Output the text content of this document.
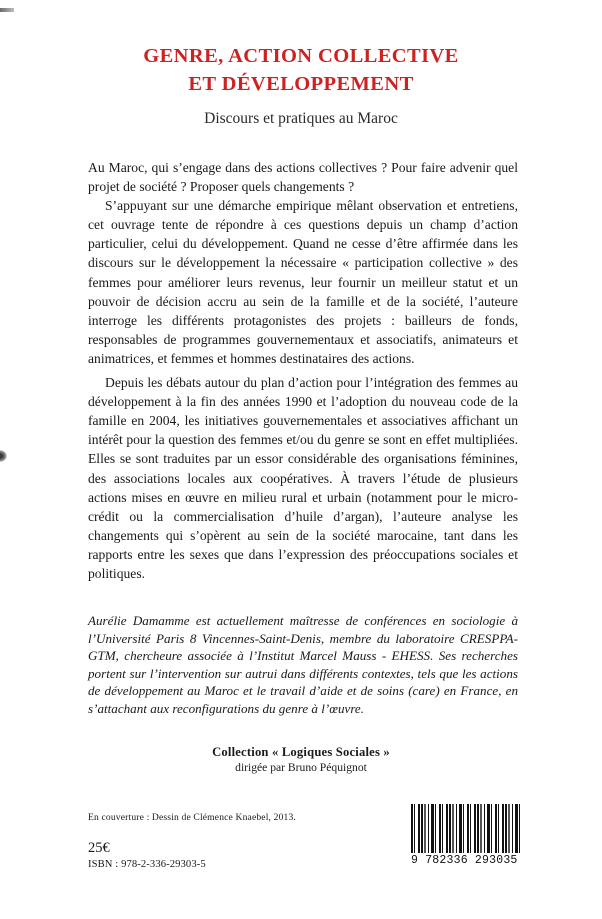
GENRE, ACTION COLLECTIVE
ET DÉVELOPPEMENT
Discours et pratiques au Maroc

Au Maroc, qui s’engage dans des actions collectives ? Pour faire advenir quel projet de société ? Proposer quels changements ?

S’appuyant sur une démarche empirique mêlant observation et entretiens, cet ouvrage tente de répondre à ces questions depuis un champ d’action particulier, celui du développement. Quand ne cesse d’être affirmée dans les discours sur le développement la nécessaire « participation collective » des femmes pour améliorer leurs revenus, leur fournir un meilleur statut et un pouvoir de décision accru au sein de la famille et de la société, l’auteure interroge les différents protagonistes des projets : bailleurs de fonds, responsables de programmes gouvernementaux et associatifs, animateurs et animatrices, et femmes et hommes destinataires des actions.

Depuis les débats autour du plan d’action pour l’intégration des femmes au développement à la fin des années 1990 et l’adoption du nouveau code de la famille en 2004, les initiatives gouvernementales et associatives affichant un intérêt pour la question des femmes et/ou du genre se sont en effet multipliées. Elles se sont traduites par un essor considérable des organisations féminines, des associations locales aux coopératives. À travers l’étude de plusieurs actions mises en œuvre en milieu rural et urbain (notamment pour le micro-crédit ou la commercialisation d’huile d’argan), l’auteure analyse les changements qui s’opèrent au sein de la société marocaine, tant dans les rapports entre les sexes que dans l’expression des préoccupations sociales et politiques.

Aurélie Damamme est actuellement maîtresse de conférences en sociologie à l’Université Paris 8 Vincennes-Saint-Denis, membre du laboratoire CRESPPA-GTM, chercheure associée à l’Institut Marcel Mauss - EHESS. Ses recherches portent sur l’intervention sur autrui dans différents contextes, tels que les actions de développement au Maroc et le travail d’aide et de soins (care) en France, en s’attachant aux reconfigurations du genre à l’œuvre.
Collection « Logiques Sociales »
dirigée par Bruno Péquignot
En couverture : Dessin de Clémence Knaebel, 2013.
25€
ISBN : 978-2-336-29303-5	9 782336 293035
